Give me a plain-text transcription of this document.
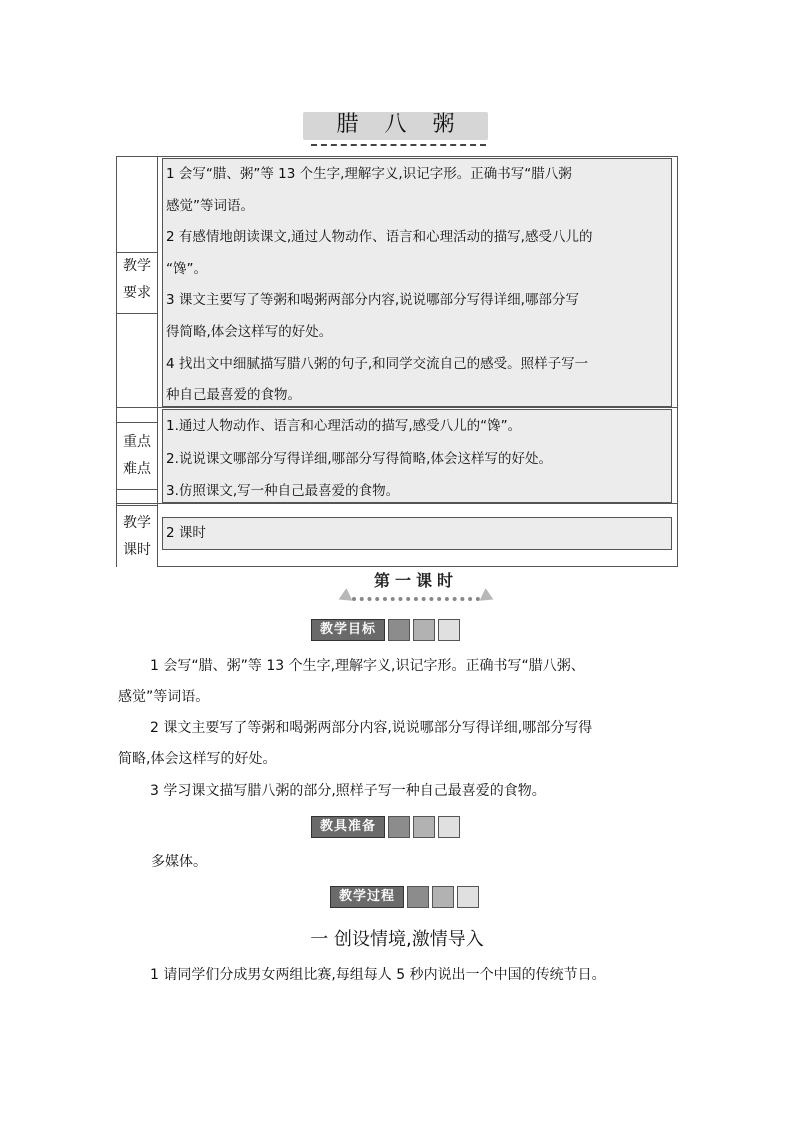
腊八粥
教学
要求
重点
难点
教学
课时

1 会写“腊、粥”等 13 个生字,理解字义,识记字形。正确书写“腊八粥

感觉”等词语。

2 有感情地朗读课文,通过人物动作、语言和心理活动的描写,感受八儿的

“馋”。

3 课文主要写了等粥和喝粥两部分内容,说说哪部分写得详细,哪部分写

得简略,体会这样写的好处。

4 找出文中细腻描写腊八粥的句子,和同学交流自己的感受。照样子写一

种自己最喜爱的食物。

1.通过人物动作、语言和心理活动的描写,感受八儿的“馋”。

2.说说课文哪部分写得详细,哪部分写得简略,体会这样写的好处。

3.仿照课文,写一种自己最喜爱的食物。

2 课时

第一课时
教学目标

1 会写“腊、粥”等 13 个生字,理解字义,识记字形。正确书写“腊八粥、

感觉”等词语。

2 课文主要写了等粥和喝粥两部分内容,说说哪部分写得详细,哪部分写得

简略,体会这样写的好处。

3 学习课文描写腊八粥的部分,照样子写一种自己最喜爱的食物。

教具准备

多媒体。

教学过程
一 创设情境,激情导入

1 请同学们分成男女两组比赛,每组每人 5 秒内说出一个中国的传统节日。
